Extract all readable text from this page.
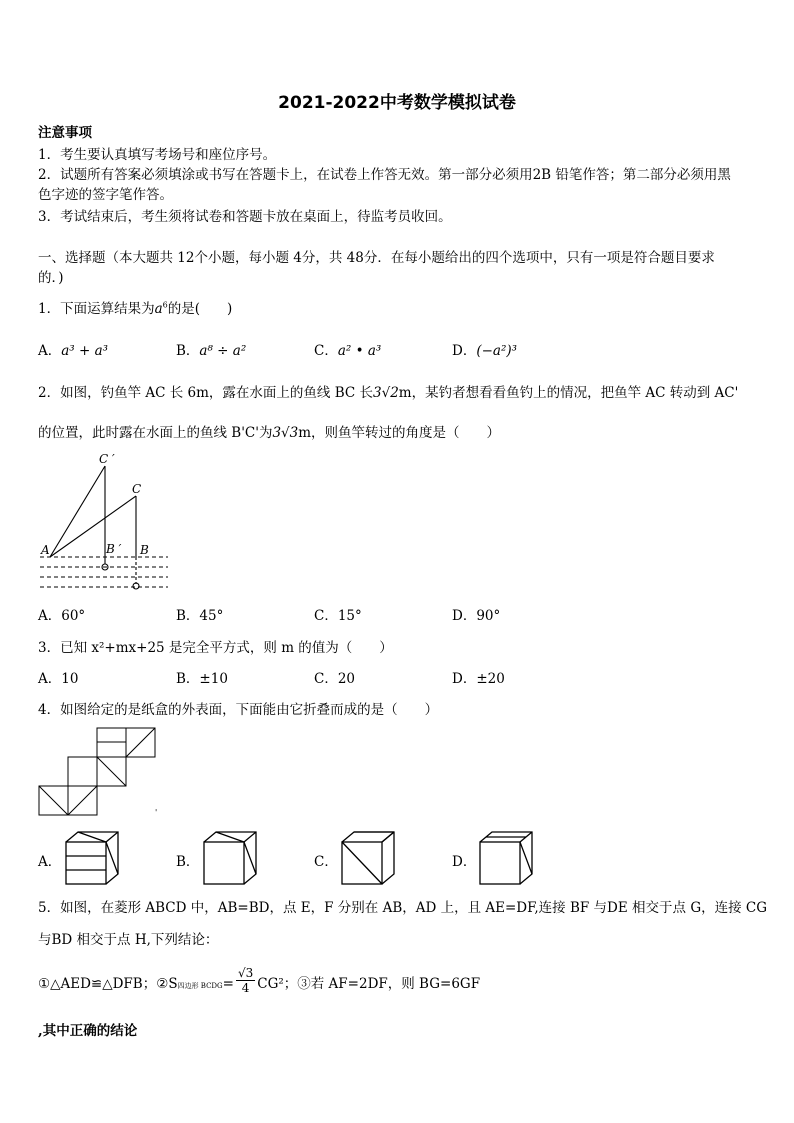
2021-2022中考数学模拟试卷
注意事项
1．考生要认真填写考场号和座位序号。
2．试题所有答案必须填涂或书写在答题卡上，在试卷上作答无效。第一部分必须用2B 铅笔作答；第二部分必须用黑
色字迹的签字笔作答。
3．考试结束后，考生须将试卷和答题卡放在桌面上，待监考员收回。
一、选择题（本大题共 12个小题，每小题 4分，共 48分．在每小题给出的四个选项中，只有一项是符合题目要求
的．)
1．下面运算结果为$a^6$的是(　　)
A．a³ + a³	B．a⁸ ÷ a²	C．a² • a³	D．(−a²)³
2．如图，钓鱼竿 AC 长 6m，露在水面上的鱼线 BC 长3√2m，某钓者想看看鱼钓上的情况，把鱼竿 AC 转动到 AC'
的位置，此时露在水面上的鱼线 B'C'为3√3m，则鱼竿转过的角度是（　　）
A
C ′
C
B ′ B
A．60°	B．45°	C．15°	D．90°
3．已知 x²+mx+25 是完全平方式，则 m 的值为（　　）
A．10	B．±10	C．20	D．±20
4．如图给定的是纸盒的外表面，下面能由它折叠而成的是（　　）
'
A．	B．	C．	D．
5．如图，在菱形 ABCD 中，AB=BD，点 E，F 分别在 AB，AD 上，且 AE=DF,连接 BF 与DE 相交于点 G，连接 CG
与BD 相交于点 H,下列结论：
①△AED≌△DFB；②S四边形 BCDG= $\frac{√3}{4} CG^2$；③若 AF=2DF，则 BG=6GF
,其中正确的结论
